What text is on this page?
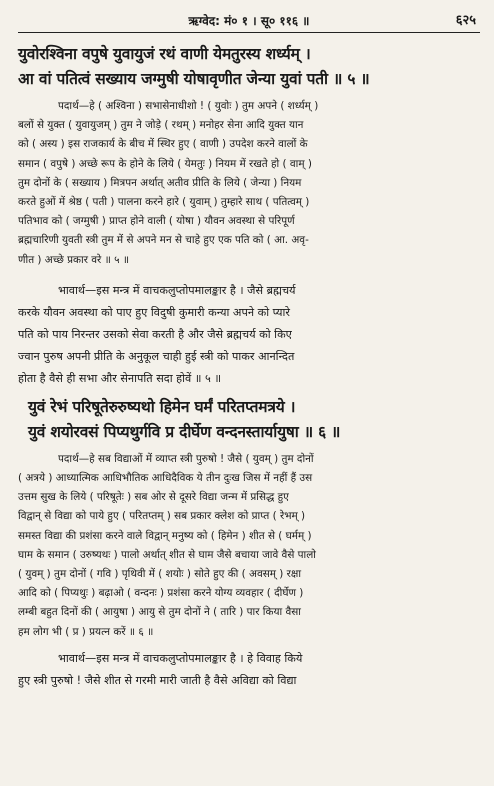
ऋग्वेद: मं० १ । सू० ११६ ॥	६२५
युवोरश्विना वपुषे युवायुजं रथं वाणी येमतुरस्य शर्ध्यम् ।
आ वां पतित्वं सख्याय जग्मुषी योषावृणीत जेन्या युवां पती ॥ ५ ॥
पदार्थ—हे ( अश्विना ) सभासेनाधीशो ! ( युवोः ) तुम अपने ( शर्ध्यम् )
बलों से युक्त ( युवायुजम् ) तुम ने जोड़े ( रथम् ) मनोहर सेना आदि युक्त यान
को ( अस्य ) इस राजकार्य के बीच में स्थिर हुए ( वाणी ) उपदेश करने वालों के
समान ( वपुषे ) अच्छे रूप के होने के लिये ( येमतुः ) नियम में रखते हो ( वाम् )
तुम दोनों के ( सख्याय ) मित्रपन अर्थात् अतीव प्रीति के लिये ( जेन्या ) नियम
करते हुओं में श्रेष्ठ ( पती ) पालना करने हारे ( युवाम् ) तुम्हारे साथ ( पतित्वम् )
पतिभाव को ( जग्मुषी ) प्राप्त होने वाली ( योषा ) यौवन अवस्था से परिपूर्ण
ब्रह्मचारिणी युवती स्त्री तुम में से अपने मन से चाहे हुए एक पति को ( आ. अवृ-
णीत ) अच्छे प्रकार वरे ॥ ५ ॥
भावार्थ—इस मन्त्र में वाचकलुप्तोपमालङ्कार है । जैसे ब्रह्मचर्य
करके यौवन अवस्था को पाए हुए विदुषी कुमारी कन्या अपने को प्यारे
पति को पाय निरन्तर उसको सेवा करती है और जैसे ब्रह्मचर्य को किए
ज्वान पुरुष अपनी प्रीति के अनुकूल चाही हुई स्त्री को पाकर आनन्दित
होता है वैसे ही सभा और सेनापति सदा होवें ॥ ५ ॥
युवं रेभं परिषूतेरुरुष्यथो हिमेन घर्मं परितप्तमत्रये ।
युवं शयोरवसं पिप्यथुर्गवि प्र दीर्घेण वन्दनस्तार्यायुषा ॥ ६ ॥
पदार्थ—हे सब विद्याओं में व्याप्त स्त्री पुरुषो ! जैसे ( युवम् ) तुम दोनों
( अत्रये ) आध्यात्मिक आधिभौतिक आधिदैविक ये तीन दुःख जिस में नहीं हैं उस
उत्तम सुख के लिये ( परिषूतेः ) सब ओर से दूसरे विद्या जन्म में प्रसिद्ध हुए
विद्वान् से विद्या को पाये हुए ( परितप्तम् ) सब प्रकार क्लेश को प्राप्त ( रेभम् )
समस्त विद्या की प्रशंसा करने वाले विद्वान् मनुष्य को ( हिमेन ) शीत से ( घर्मम् )
घाम के समान ( उरुष्यथः ) पालो अर्थात् शीत से घाम जैसे बचाया जावे वैसे पालो
( युवम् ) तुम दोनों ( गवि ) पृथिवी में ( शयोः ) सोते हुए की ( अवसम् ) रक्षा
आदि को ( पिप्यथुः ) बढ़ाओ ( वन्दनः ) प्रशंसा करने योग्य व्यवहार ( दीर्घेण )
लम्बी बहुत दिनों की ( आयुषा ) आयु से तुम दोनों ने ( तारि ) पार किया वैसा
हम लोग भी ( प्र ) प्रयत्न करें ॥ ६ ॥
भावार्थ—इस मन्त्र में वाचकलुप्तोपमालङ्कार है । हे विवाह किये
हुए स्त्री पुरुषो ! जैसे शीत से गरमी मारी जाती है वैसे अविद्या को विद्या
